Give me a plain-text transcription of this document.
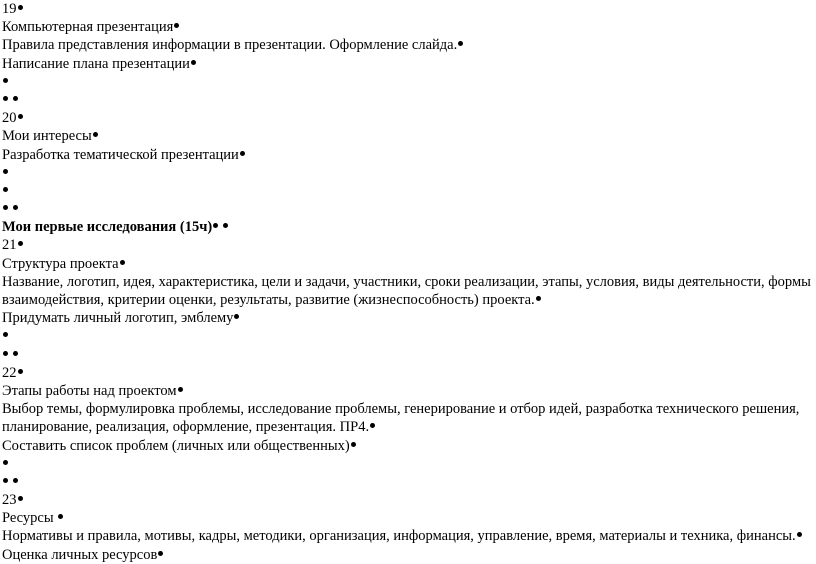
19
Компьютерная презентация
Правила представления информации в презентации. Оформление слайда.
Написание плана презентации
20
Мои интересы
Разработка тематической презентации
Мои первые исследования (15ч)
21
Структура проекта
Название, логотип, идея, характеристика, цели и задачи, участники, сроки реализации, этапы, условия, виды деятельности, формы
взаимодействия, критерии оценки, результаты, развитие (жизнеспособность) проекта.
Придумать личный логотип, эмблему
22
Этапы работы над проектом
Выбор темы, формулировка проблемы, исследование проблемы, генерирование и отбор идей, разработка технического решения,
планирование, реализация, оформление, презентация. ПР4.
Составить список проблем (личных или общественных)
23
Ресурсы
Нормативы и правила, мотивы, кадры, методики, организация, информация, управление, время, материалы и техника, финансы.
Оценка личных ресурсов
